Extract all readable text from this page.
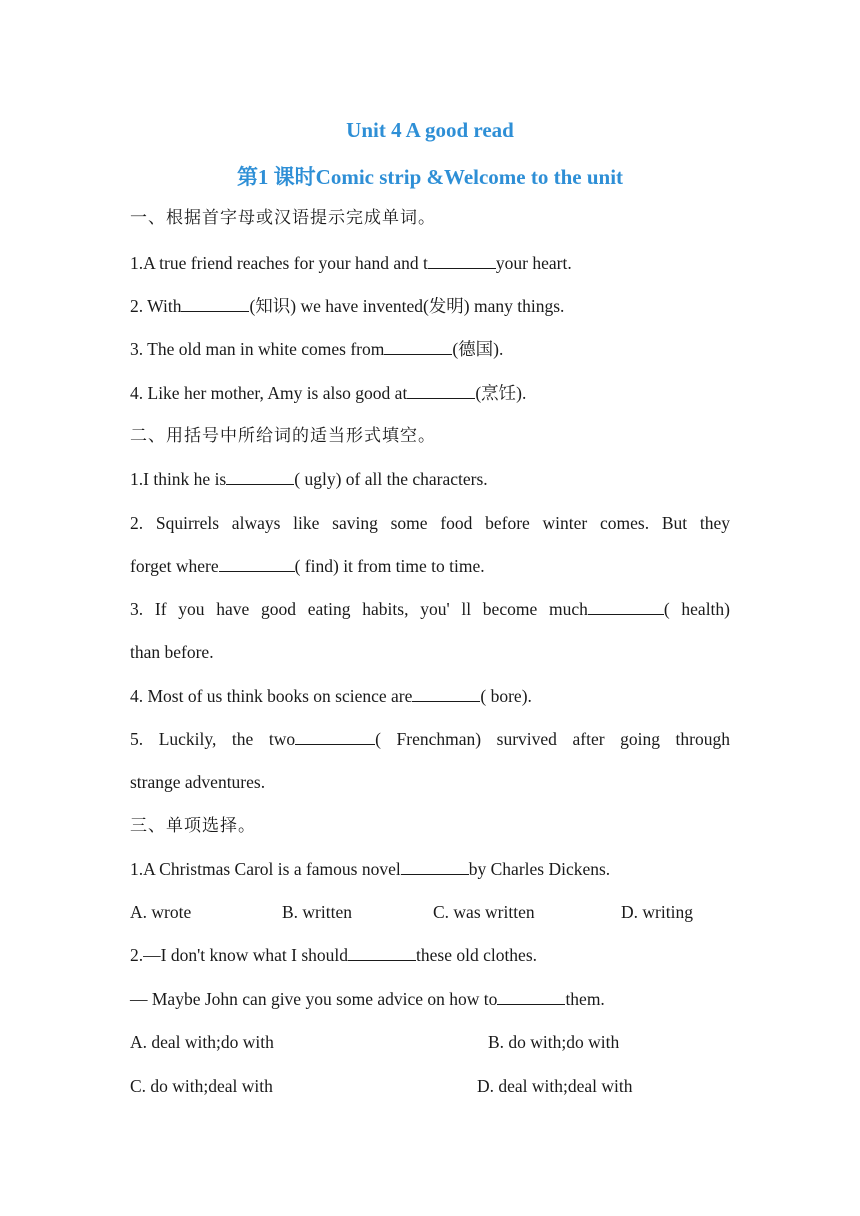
Unit 4 A good read
第1 课时Comic strip &Welcome to the unit

一、根据首字母或汉语提示完成单词。

1.A true friend reaches for your hand and t	your heart.

2. With	(知识) we have invented(发明) many things.

3. The old man in white comes from	(德国).

4. Like her mother, Amy is also good at	(烹饪).

二、用括号中所给词的适当形式填空。

1.I think he is	( ugly) of all the characters.

2. Squirrels always like saving some food before winter comes. But they

forget where	( find) it from time to time.

3. If you have good eating habits, you' ll become much	( health)

than before.

4. Most of us think books on science are	( bore).

5. Luckily, the two	( Frenchman) survived after going through

strange adventures.

三、单项选择。

1.A Christmas Carol is a famous novel	by Charles Dickens.

A. wrote	B. written	C. was written	D. writing

2.—I don't know what I should	these old clothes.

— Maybe John can give you some advice on how to	them.

A. deal with;do with	B. do with;do with

C. do with;deal with	D. deal with;deal with
